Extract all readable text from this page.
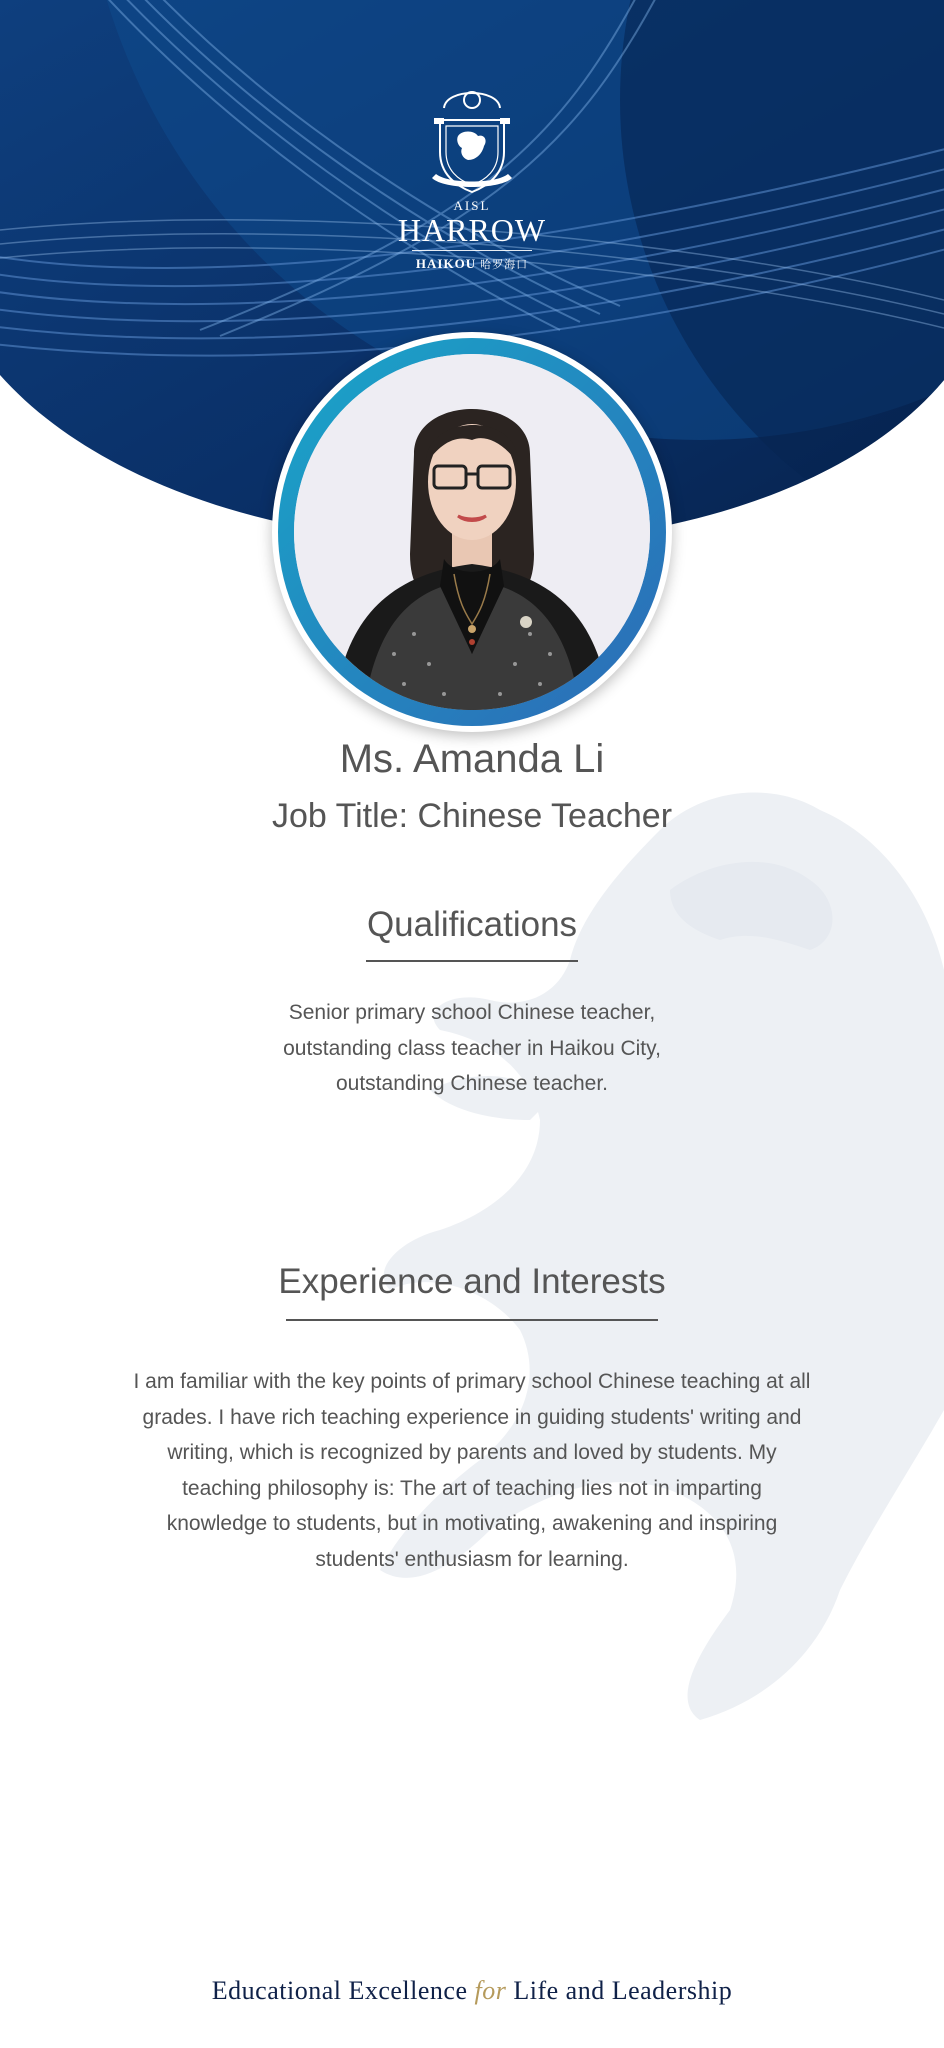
AISL
HARROW
HAIKOU 哈罗海口
Ms. Amanda Li
Job Title: Chinese Teacher
Qualifications
Senior primary school Chinese teacher,
outstanding class teacher in Haikou City,
outstanding Chinese teacher.
Experience and Interests
I am familiar with the key points of primary school Chinese teaching at all
grades. I have rich teaching experience in guiding students' writing and
writing, which is recognized by parents and loved by students. My
teaching philosophy is: The art of teaching lies not in imparting
knowledge to students, but in motivating, awakening and inspiring
students' enthusiasm for learning.
Educational Excellence for Life and Leadership
